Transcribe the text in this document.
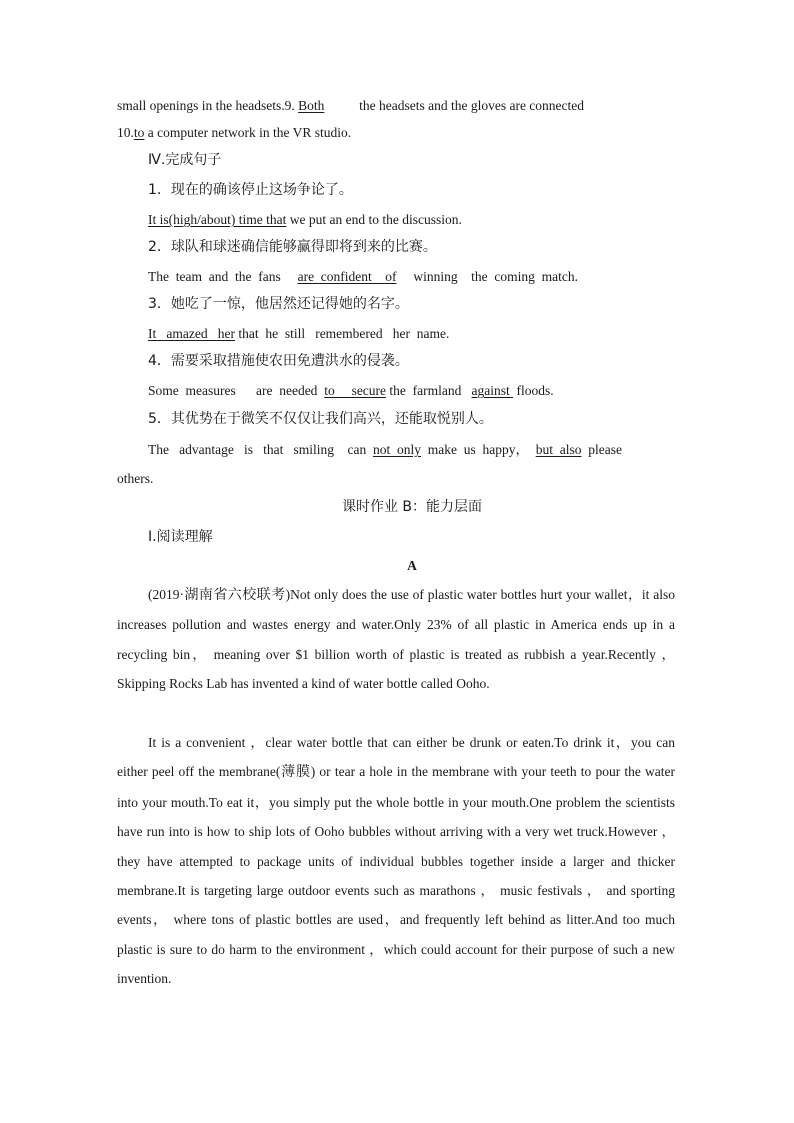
small openings in the headsets.9. Both	the headsets and the gloves are connected

10.to a computer network in the VR studio.

Ⅳ.完成句子

1．现在的确该停止这场争论了。

It is(high/about) time that we put an end to the discussion.

2．球队和球迷确信能够赢得即将到来的比赛。

The  team  and  the  fans     are  confident    of     winning    the  coming  match.

3．她吃了一惊，他居然还记得她的名字。

It   amazed   her that  he  still   remembered   her  name.

4．需要采取措施使农田免遭洪水的侵袭。

Some  measures      are  needed  to     secure the  farmland   against  floods.

5．其优势在于微笑不仅仅让我们高兴，还能取悦别人。

The   advantage   is   that   smiling    can  not  only  make  us  happy，  but  also  please

others.

课时作业 B：能力层面

Ⅰ.阅读理解

A

(2019·湖南省六校联考)Not only does the use of plastic water bottles hurt your wallet，it also increases pollution and wastes energy and water.Only 23% of all plastic in America ends up in a recycling bin， meaning over $1 billion worth of plastic is treated as rubbish a year.Recently ，Skipping Rocks Lab has invented a kind of water bottle called Ooho.

It is a convenient ，clear water bottle that can either be drunk or eaten.To drink it，you can either peel off the membrane(薄膜) or tear a hole in the membrane with your teeth to pour the water into your mouth.To eat it，you simply put the whole bottle in your mouth.One problem the scientists have run into is how to ship lots of Ooho bubbles without arriving with a very wet truck.However ，they have attempted to package units of individual bubbles together inside a larger and thicker membrane.It is targeting large outdoor events such as marathons ， music festivals ， and sporting events， where tons of plastic bottles are used，and frequently left behind as litter.And too much plastic is sure to do harm to the environment ，which could account for their purpose of such a new invention.
